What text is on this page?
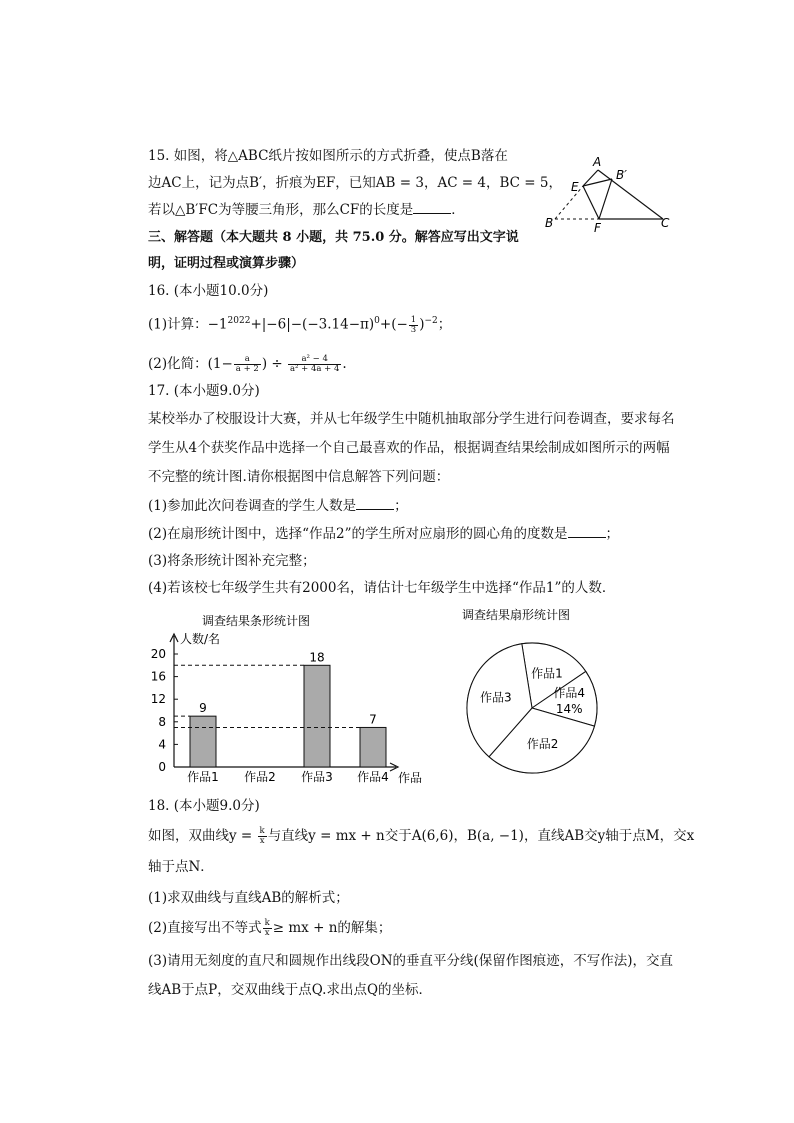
15. 如图，将△ABC纸片按如图所示的方式折叠，使点B落在
边AC上，记为点B′，折痕为EF，已知AB = 3，AC = 4，BC = 5，
若以△B′FC为等腰三角形，那么CF的长度是	．
A
B
B′
C
E
F
三、解答题（本大题共 8 小题，共 75.0 分。解答应写出文字说
明，证明过程或演算步骤）
16. (本小题10.0分)
(1)计算：$-1^{2022}+|-6|-(-3.14-\pi)^0+(- \frac{1}{3} )^{-2}$；
(2)化简：($1- \frac{a}{a + 2}$ ) ÷ $\frac{\text{a² − 4}}{\text{a² + 4a + 4}}$ .
17. (本小题9.0分)
某校举办了校服设计大赛，并从七年级学生中随机抽取部分学生进行问卷调查，要求每名学生从4个获奖作品中选择一个自己最喜欢的作品，根据调查结果绘制成如图所示的两幅不完整的统计图.请你根据图中信息解答下列问题：
(1)参加此次问卷调查的学生人数是	；
(2)在扇形统计图中，选择“作品2”的学生所对应扇形的圆心角的度数是	；
(3)将条形统计图补充完整；
(4)若该校七年级学生共有2000名，请估计七年级学生中选择“作品1”的人数．
调查结果条形统计图
人数/名
作品
0
4
8
12
16
20
作品1
9
作品2 作品3
18
作品4
7
调查结果扇形统计图
作品1
作品4
14%
作品2
作品3
18. (本小题9.0分)
如图，双曲线$y = \frac{k}{x}$ 与直线y = mx + n交于A(6,6)，B(a, −1)，直线AB交y轴于点M，交x
轴于点N．
(1)求双曲线与直线AB的解析式；
(2)直接写出不等式 $\frac{k}{x}$ ≥ mx + n的解集；
(3)请用无刻度的直尺和圆规作出线段ON的垂直平分线(保留作图痕迹，不写作法)，交直线AB于点P，交双曲线于点Q.求出点Q的坐标．
